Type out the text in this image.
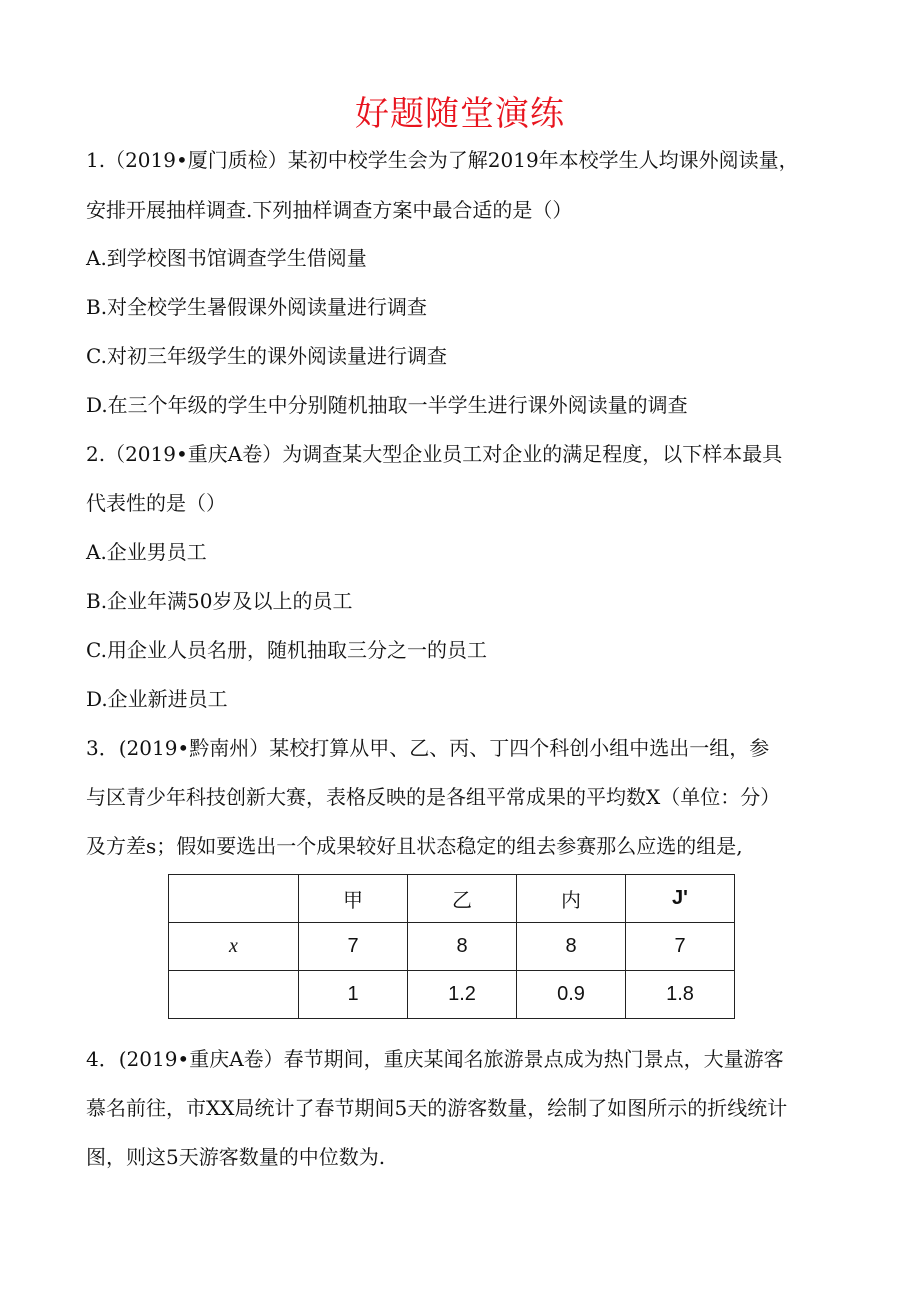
好题随堂演练
1.（2019•厦门质检）某初中校学生会为了解2019年本校学生人均课外阅读量，
安排开展抽样调查.下列抽样调查方案中最合适的是（）
A.到学校图书馆调查学生借阅量
B.对全校学生暑假课外阅读量进行调查
C.对初三年级学生的课外阅读量进行调查
D.在三个年级的学生中分别随机抽取一半学生进行课外阅读量的调查
2.（2019•重庆A卷）为调查某大型企业员工对企业的满足程度，以下样本最具
代表性的是（）
A.企业男员工
B.企业年满50岁及以上的员工
C.用企业人员名册，随机抽取三分之一的员工
D.企业新进员工
3．(2019•黔南州）某校打算从甲、乙、丙、丁四个科创小组中选出一组，参
与区青少年科技创新大赛，表格反映的是各组平常成果的平均数X（单位：分）
及方差s；假如要选出一个成果较好且状态稳定的组去参赛那么应选的组是,
	甲	乙	内	J'
x	7	8	8	7
	1	1.2	0.9	1.8
4．(2019•重庆A卷）春节期间，重庆某闻名旅游景点成为热门景点，大量游客
慕名前往，市XX局统计了春节期间5天的游客数量，绘制了如图所示的折线统计
图，则这5天游客数量的中位数为.
